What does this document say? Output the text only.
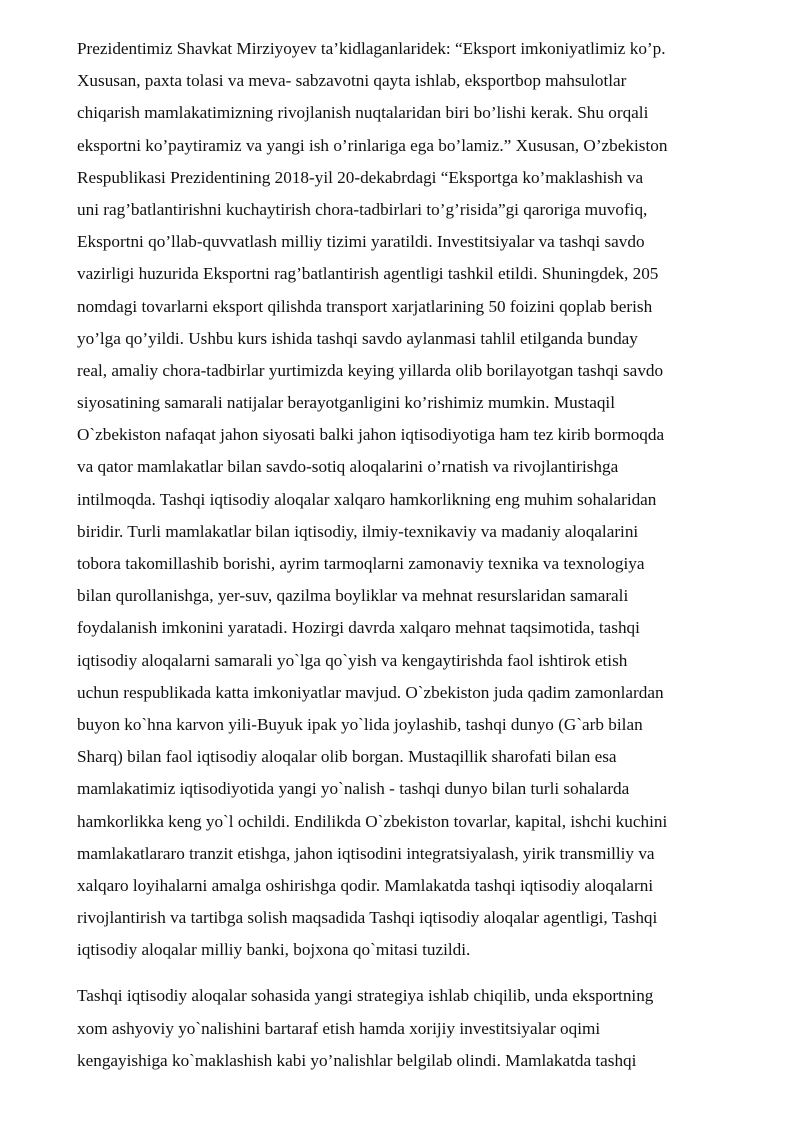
Prezidentimiz Shavkat Mirziyoyev ta’kidlaganlaridek: “Eksport imkoniyatlimiz ko’p.
Xususan, paxta tolasi va meva- sabzavotni qayta ishlab, eksportbop mahsulotlar
chiqarish mamlakatimizning rivojlanish nuqtalaridan biri bo’lishi kerak. Shu orqali
eksportni ko’paytiramiz va yangi ish o’rinlariga ega bo’lamiz.” Xususan, O’zbekiston
Respublikasi Prezidentining 2018-yil 20-dekabrdagi “Eksportga ko’maklashish va
uni rag’batlantirishni kuchaytirish chora-tadbirlari to’g’risida”gi qaroriga muvofiq,
Eksportni qo’llab-quvvatlash milliy tizimi yaratildi. Investitsiyalar va tashqi savdo
vazirligi huzurida Eksportni rag’batlantirish agentligi tashkil etildi. Shuningdek, 205
nomdagi tovarlarni eksport qilishda transport xarjatlarining 50 foizini qoplab berish
yo’lga qo’yildi. Ushbu kurs ishida tashqi savdo aylanmasi tahlil etilganda bunday
real, amaliy chora-tadbirlar yurtimizda keying yillarda olib borilayotgan tashqi savdo
siyosatining samarali natijalar berayotganligini ko’rishimiz mumkin. Mustaqil
O`zbekiston nafaqat jahon siyosati balki jahon iqtisodiyotiga ham tez kirib bormoqda
va qator mamlakatlar bilan savdo-sotiq aloqalarini o’rnatish va rivojlantirishga
intilmoqda. Tashqi iqtisodiy aloqalar xalqaro hamkorlikning eng muhim sohalaridan
biridir. Turli mamlakatlar bilan iqtisodiy, ilmiy-texnikaviy va madaniy aloqalarini
tobora takomillashib borishi, ayrim tarmoqlarni zamonaviy texnika va texnologiya
bilan qurollanishga, yer-suv, qazilma boyliklar va mehnat resurslaridan samarali
foydalanish imkonini yaratadi. Hozirgi davrda xalqaro mehnat taqsimotida, tashqi
iqtisodiy aloqalarni samarali yo`lga qo`yish va kengaytirishda faol ishtirok etish
uchun respublikada katta imkoniyatlar mavjud. O`zbekiston juda qadim zamonlardan
buyon ko`hna karvon yili-Buyuk ipak yo`lida joylashib, tashqi dunyo (G`arb bilan
Sharq) bilan faol iqtisodiy aloqalar olib borgan. Mustaqillik sharofati bilan esa
mamlakatimiz iqtisodiyotida yangi yo`nalish - tashqi dunyo bilan turli sohalarda
hamkorlikka keng yo`l ochildi. Endilikda O`zbekiston tovarlar, kapital, ishchi kuchini
mamlakatlararo tranzit etishga, jahon iqtisodini integratsiyalash, yirik transmilliy va
xalqaro loyihalarni amalga oshirishga qodir. Mamlakatda tashqi iqtisodiy aloqalarni
rivojlantirish va tartibga solish maqsadida Tashqi iqtisodiy aloqalar agentligi, Tashqi
iqtisodiy aloqalar milliy banki, bojxona qo`mitasi tuzildi.
Tashqi iqtisodiy aloqalar sohasida yangi strategiya ishlab chiqilib, unda eksportning
xom ashyoviy yo`nalishini bartaraf etish hamda xorijiy investitsiyalar oqimi
kengayishiga ko`maklashish kabi yo’nalishlar belgilab olindi. Mamlakatda tashqi
